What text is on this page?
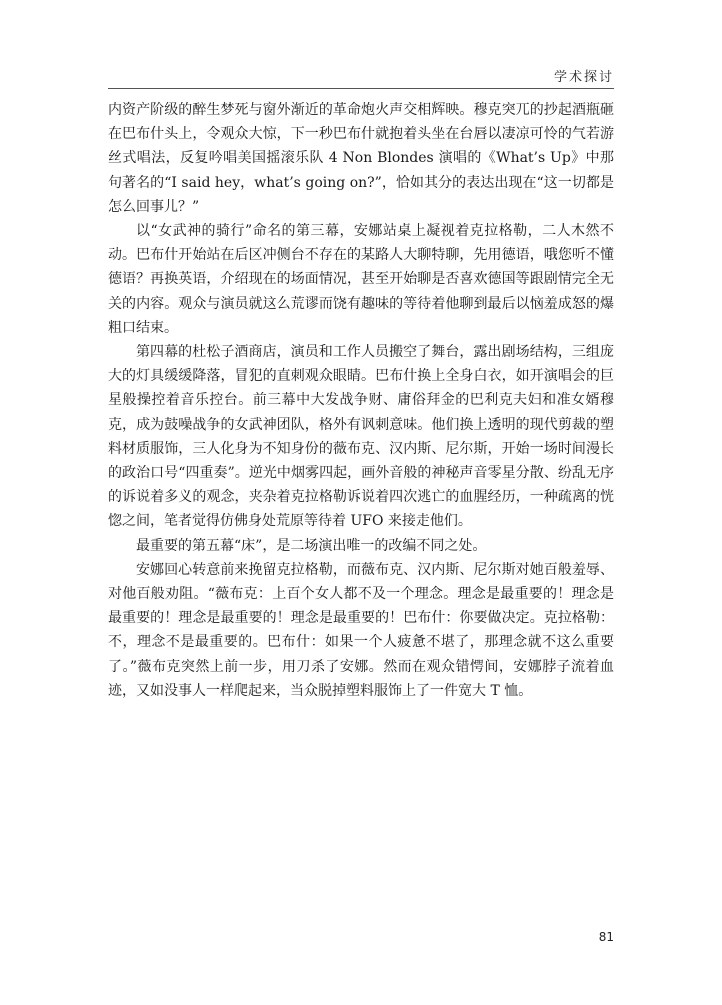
学术探讨

内资产阶级的醉生梦死与窗外渐近的革命炮火声交相辉映。穆克突兀的抄起酒瓶砸在巴布什头上，令观众大惊，下一秒巴布什就抱着头坐在台唇以凄凉可怜的气若游丝式唱法，反复吟唱美国摇滚乐队 4 Non Blondes 演唱的《What’s Up》中那句著名的“I said hey，what’s going on?”，恰如其分的表达出现在“这一切都是怎么回事儿？”

以“女武神的骑行”命名的第三幕，安娜站桌上凝视着克拉格勒，二人木然不动。巴布什开始站在后区冲侧台不存在的某路人大聊特聊，先用德语，哦您听不懂德语？再换英语，介绍现在的场面情况，甚至开始聊是否喜欢德国等跟剧情完全无关的内容。观众与演员就这么荒谬而饶有趣味的等待着他聊到最后以恼羞成怒的爆粗口结束。

第四幕的杜松子酒商店，演员和工作人员搬空了舞台，露出剧场结构，三组庞大的灯具缓缓降落，冒犯的直刺观众眼睛。巴布什换上全身白衣，如开演唱会的巨星般操控着音乐控台。前三幕中大发战争财、庸俗拜金的巴利克夫妇和准女婿穆克，成为鼓噪战争的女武神团队，格外有讽刺意味。他们换上透明的现代剪裁的塑料材质服饰，三人化身为不知身份的薇布克、汉内斯、尼尔斯，开始一场时间漫长的政治口号“四重奏”。逆光中烟雾四起，画外音般的神秘声音零星分散、纷乱无序的诉说着多义的观念，夹杂着克拉格勒诉说着四次逃亡的血腥经历，一种疏离的恍惚之间，笔者觉得仿佛身处荒原等待着 UFO 来接走他们。

最重要的第五幕“床”，是二场演出唯一的改编不同之处。

安娜回心转意前来挽留克拉格勒，而薇布克、汉内斯、尼尔斯对她百般羞辱、对他百般劝阻。“薇布克：上百个女人都不及一个理念。理念是最重要的！理念是最重要的！理念是最重要的！理念是最重要的！巴布什：你要做决定。克拉格勒：不，理念不是最重要的。巴布什：如果一个人疲惫不堪了，那理念就不这么重要了。”薇布克突然上前一步，用刀杀了安娜。然而在观众错愕间，安娜脖子流着血迹，又如没事人一样爬起来，当众脱掉塑料服饰上了一件宽大 T 恤。

81
